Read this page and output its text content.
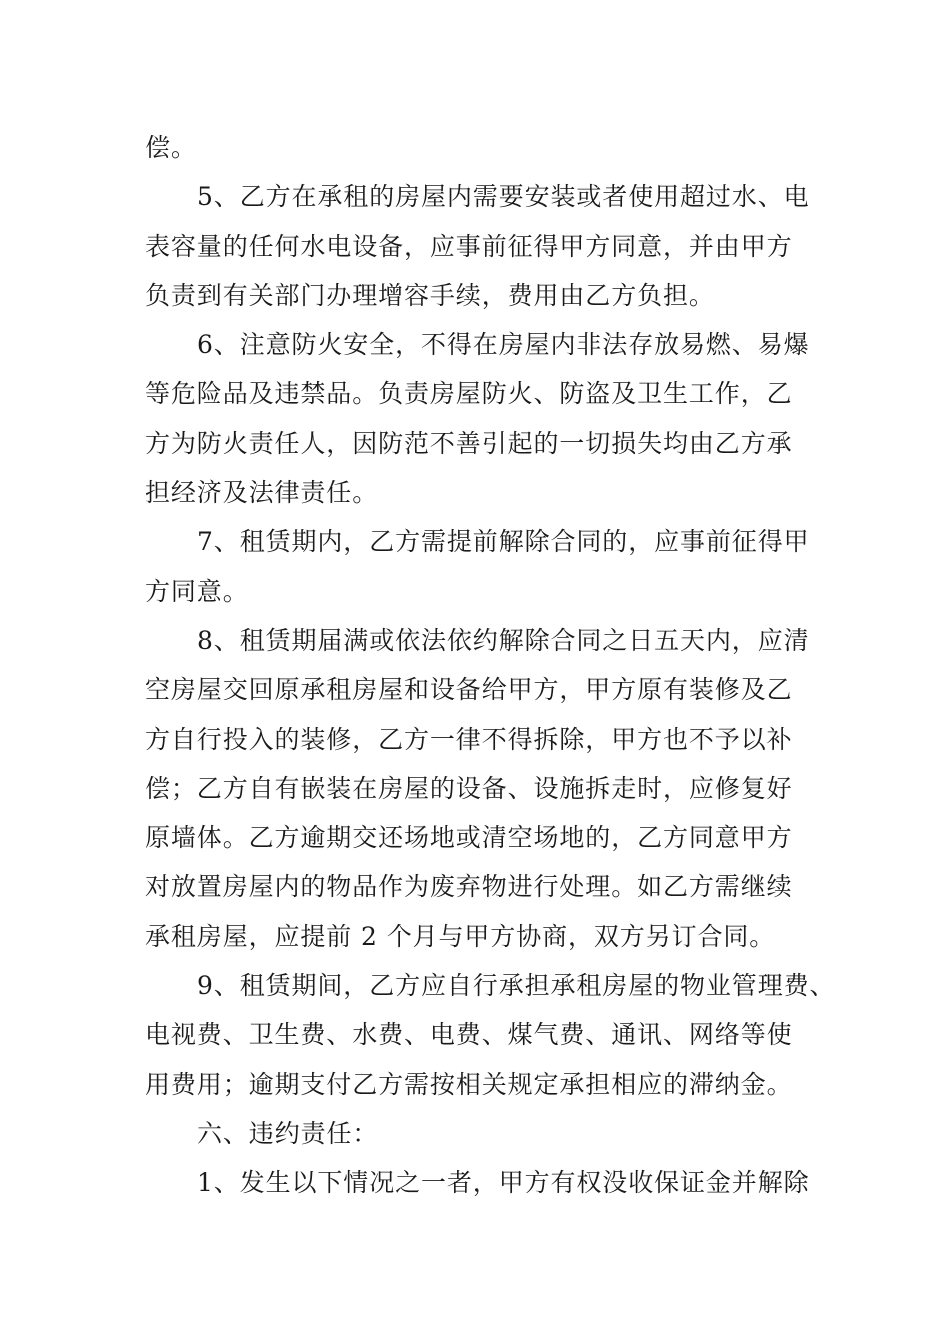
偿。
5、乙方在承租的房屋内需要安装或者使用超过水、电
表容量的任何水电设备，应事前征得甲方同意，并由甲方
负责到有关部门办理增容手续，费用由乙方负担。
6、注意防火安全，不得在房屋内非法存放易燃、易爆
等危险品及违禁品。负责房屋防火、防盗及卫生工作，乙
方为防火责任人，因防范不善引起的一切损失均由乙方承
担经济及法律责任。
7、租赁期内，乙方需提前解除合同的，应事前征得甲
方同意。
8、租赁期届满或依法依约解除合同之日五天内，应清
空房屋交回原承租房屋和设备给甲方，甲方原有装修及乙
方自行投入的装修，乙方一律不得拆除，甲方也不予以补
偿；乙方自有嵌装在房屋的设备、设施拆走时，应修复好
原墙体。乙方逾期交还场地或清空场地的，乙方同意甲方
对放置房屋内的物品作为废弃物进行处理。如乙方需继续
承租房屋，应提前 2 个月与甲方协商，双方另订合同。
9、租赁期间，乙方应自行承担承租房屋的物业管理费、
电视费、卫生费、水费、电费、煤气费、通讯、网络等使
用费用；逾期支付乙方需按相关规定承担相应的滞纳金。
六、违约责任：
1、发生以下情况之一者，甲方有权没收保证金并解除
